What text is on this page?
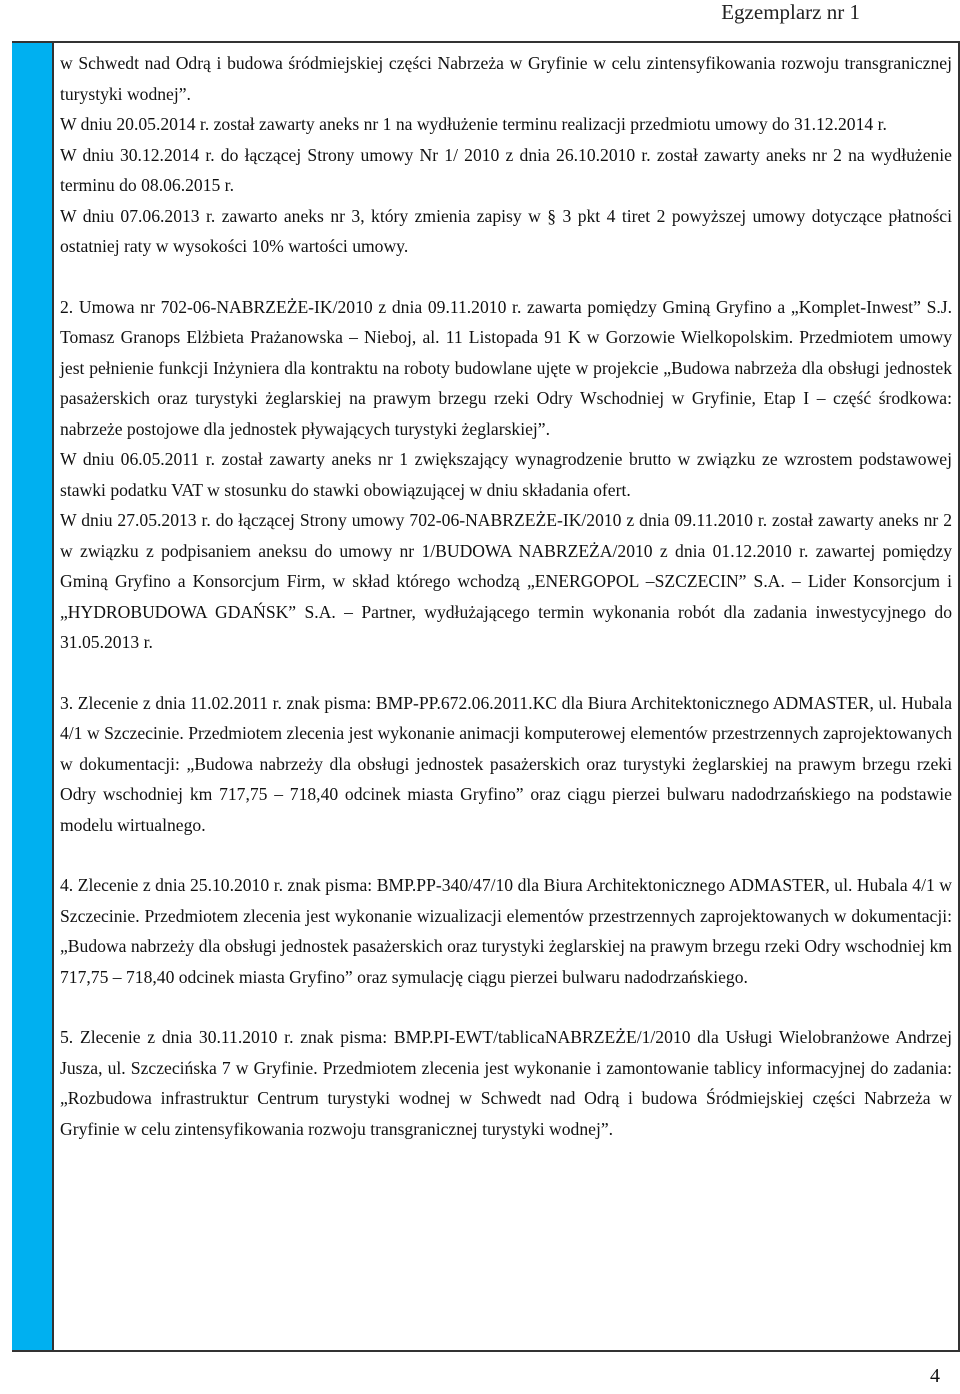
Egzemplarz nr 1

w Schwedt nad Odrą i budowa śródmiejskiej części Nabrzeża w Gryfinie w celu zintensyfikowania rozwoju transgranicznej turystyki wodnej”.

W dniu 20.05.2014 r. został zawarty aneks nr 1 na wydłużenie terminu realizacji przedmiotu umowy do 31.12.2014 r.

W dniu 30.12.2014 r. do łączącej Strony umowy Nr 1/ 2010 z dnia 26.10.2010 r. został zawarty aneks nr 2 na wydłużenie terminu do 08.06.2015 r.

W dniu 07.06.2013 r. zawarto aneks nr 3, który zmienia zapisy w § 3 pkt 4 tiret 2 powyższej umowy dotyczące płatności ostatniej raty w wysokości 10% wartości umowy.

2. Umowa nr 702-06-NABRZEŻE-IK/2010 z dnia 09.11.2010 r. zawarta pomiędzy Gminą Gryfino a „Komplet-Inwest” S.J. Tomasz Granops Elżbieta Prażanowska – Nieboj, al. 11 Listopada 91 K w Gorzowie Wielkopolskim. Przedmiotem umowy jest pełnienie funkcji Inżyniera dla kontraktu na roboty budowlane ujęte w projekcie „Budowa nabrzeża dla obsługi jednostek pasażerskich oraz turystyki żeglarskiej na prawym brzegu rzeki Odry Wschodniej w Gryfinie, Etap I – część środkowa: nabrzeże postojowe dla jednostek pływających turystyki żeglarskiej”.

W dniu 06.05.2011 r. został zawarty aneks nr 1 zwiększający wynagrodzenie brutto w związku ze wzrostem podstawowej stawki podatku VAT w stosunku do stawki obowiązującej w dniu składania ofert.

W dniu 27.05.2013 r. do łączącej Strony umowy 702-06-NABRZEŻE-IK/2010 z dnia 09.11.2010 r. został zawarty aneks nr 2 w związku z podpisaniem aneksu do umowy nr 1/BUDOWA NABRZEŻA/2010 z dnia 01.12.2010 r. zawartej pomiędzy Gminą Gryfino a Konsorcjum Firm, w skład którego wchodzą „ENERGOPOL –SZCZECIN” S.A. – Lider Konsorcjum i „HYDROBUDOWA GDAŃSK” S.A. – Partner, wydłużającego termin wykonania robót dla zadania inwestycyjnego do 31.05.2013 r.

3. Zlecenie z dnia 11.02.2011 r. znak pisma: BMP-PP.672.06.2011.KC dla Biura Architektonicznego ADMASTER, ul. Hubala 4/1 w Szczecinie. Przedmiotem zlecenia jest wykonanie animacji komputerowej elementów przestrzennych zaprojektowanych w dokumentacji: „Budowa nabrzeży dla obsługi jednostek pasażerskich oraz turystyki żeglarskiej na prawym brzegu rzeki Odry wschodniej km 717,75 – 718,40 odcinek miasta Gryfino” oraz ciągu pierzei bulwaru nadodrzańskiego na podstawie modelu wirtualnego.

4. Zlecenie z dnia 25.10.2010 r. znak pisma: BMP.PP-340/47/10 dla Biura Architektonicznego ADMASTER, ul. Hubala 4/1 w Szczecinie. Przedmiotem zlecenia jest wykonanie wizualizacji elementów przestrzennych zaprojektowanych w dokumentacji: „Budowa nabrzeży dla obsługi jednostek pasażerskich oraz turystyki żeglarskiej na prawym brzegu rzeki Odry wschodniej km 717,75 – 718,40 odcinek miasta Gryfino” oraz symulację ciągu pierzei bulwaru nadodrzańskiego.

5. Zlecenie z dnia 30.11.2010 r. znak pisma: BMP.PI-EWT/tablicaNABRZEŻE/1/2010 dla Usługi Wielobranżowe Andrzej Jusza, ul. Szczecińska 7 w Gryfinie. Przedmiotem zlecenia jest wykonanie i zamontowanie tablicy informacyjnej do zadania: „Rozbudowa infrastruktur Centrum turystyki wodnej w Schwedt nad Odrą i budowa Śródmiejskiej części Nabrzeża w Gryfinie w celu zintensyfikowania rozwoju transgranicznej turystyki wodnej”.

4
